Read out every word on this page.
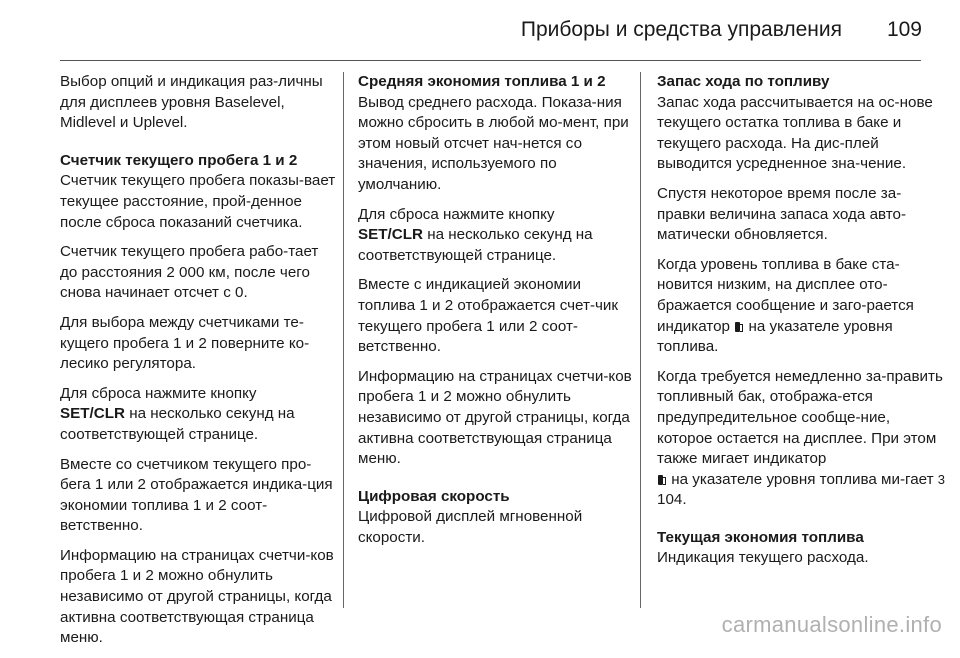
Приборы и средства управления 109

Выбор опций и индикация раз-личны для дисплеев уровня Baselevel, Midlevel и Uplevel.

Счетчик текущего пробега 1 и 2

Счетчик текущего пробега показы-вает текущее расстояние, прой-денное после сброса показаний счетчика.

Счетчик текущего пробега рабо-тает до расстояния 2 000 км, после чего снова начинает отсчет с 0.

Для выбора между счетчиками те-кущего пробега 1 и 2 поверните ко-лесико регулятора.

Для сброса нажмите кнопку
SET/CLR на несколько секунд на соответствующей странице.

Вместе со счетчиком текущего про-бега 1 или 2 отображается индика-ция экономии топлива 1 и 2 соот-ветственно.

Информацию на страницах счетчи-ков пробега 1 и 2 можно обнулить независимо от другой страницы, когда активна соответствующая страница меню.

Средняя экономия топлива 1 и 2

Вывод среднего расхода. Показа-ния можно сбросить в любой мо-мент, при этом новый отсчет нач-нется со значения, используемого по умолчанию.

Для сброса нажмите кнопку
SET/CLR на несколько секунд на соответствующей странице.

Вместе с индикацией экономии топлива 1 и 2 отображается счет-чик текущего пробега 1 или 2 соот-ветственно.

Информацию на страницах счетчи-ков пробега 1 и 2 можно обнулить независимо от другой страницы, когда активна соответствующая страница меню.

Цифровая скорость

Цифровой дисплей мгновенной скорости.

Запас хода по топливу

Запас хода рассчитывается на ос-нове текущего остатка топлива в баке и текущего расхода. На дис-плей выводится усредненное зна-чение.

Спустя некоторое время после за-правки величина запаса хода авто-матически обновляется.

Когда уровень топлива в баке ста-новится низким, на дисплее ото-бражается сообщение и заго-рается индикатор  на указателе уровня топлива.

Когда требуется немедленно за-править топливный бак, отобража-ется предупредительное сообще-ние, которое остается на дисплее. При этом также мигает индикатор
на указателе уровня топлива ми-гает 3 104.

Текущая экономия топлива

Индикация текущего расхода.

carmanualsonline.info
